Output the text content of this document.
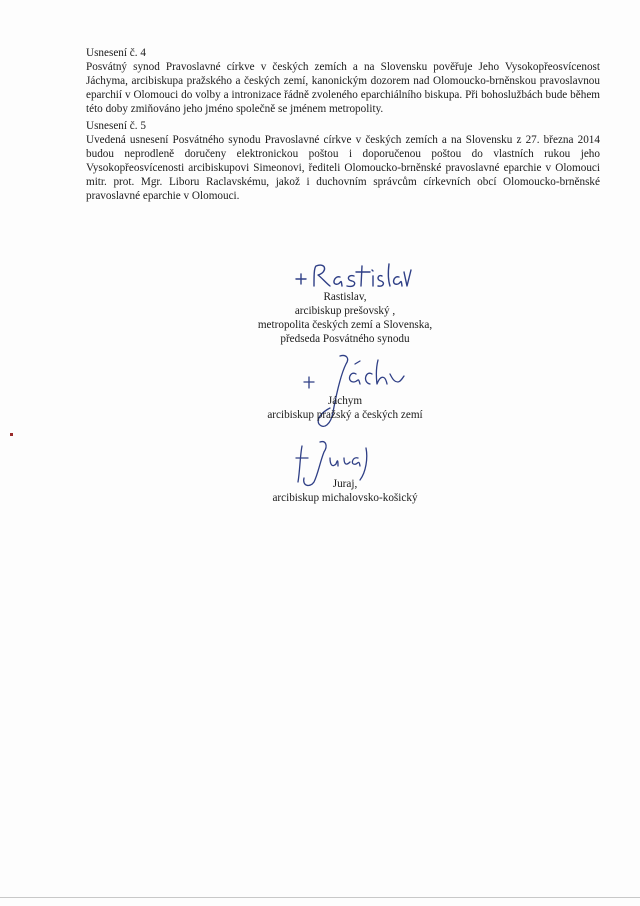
Usnesení č. 4

Posvátný synod Pravoslavné církve v českých zemích a na Slovensku pověřuje Jeho Vysokopřeosvícenost Jáchyma, arcibiskupa pražského a českých zemí, kanonickým dozorem nad Olomoucko-brněnskou pravoslavnou eparchií v Olomouci do volby a intronizace řádně zvoleného eparchiálního biskupa. Při bohoslužbách bude během této doby zmiňováno jeho jméno společně se jménem metropolity.

Usnesení č. 5

Uvedená usnesení Posvátného synodu Pravoslavné církve v českých zemích a na Slovensku z 27. března 2014 budou neprodleně doručeny elektronickou poštou i doporučenou poštou do vlastních rukou jeho Vysokopřeosvícenosti arcibiskupovi Simeonovi, řediteli Olomoucko-brněnské pravoslavné eparchie v Olomouci mitr. prot. Mgr. Liboru Raclavskému, jakož i duchovním správcům církevních obcí Olomoucko-brněnské pravoslavné eparchie v Olomouci.

Rastislav,
arcibiskup prešovský ,
metropolita českých zemí a Slovenska,
předseda Posvátného synodu
Jáchym
arcibiskup pražský a českých zemí
Juraj,
arcibiskup michalovsko-košický
